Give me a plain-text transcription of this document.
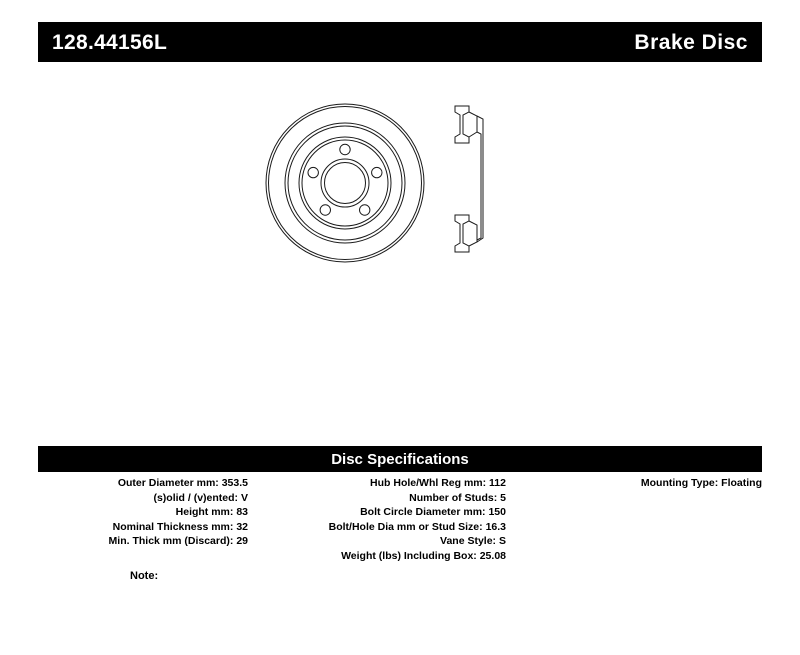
128.44156L	Brake Disc
Disc Specifications
Outer Diameter mm: 353.5
(s)olid / (v)ented: V
Height mm: 83
Nominal Thickness mm: 32
Min. Thick mm (Discard): 29
Hub Hole/Whl Reg mm: 112
Number of Studs: 5
Bolt Circle Diameter mm: 150
Bolt/Hole Dia mm or Stud Size: 16.3
Vane Style: S
Weight (lbs) Including Box: 25.08
Mounting Type: Floating
Note:
